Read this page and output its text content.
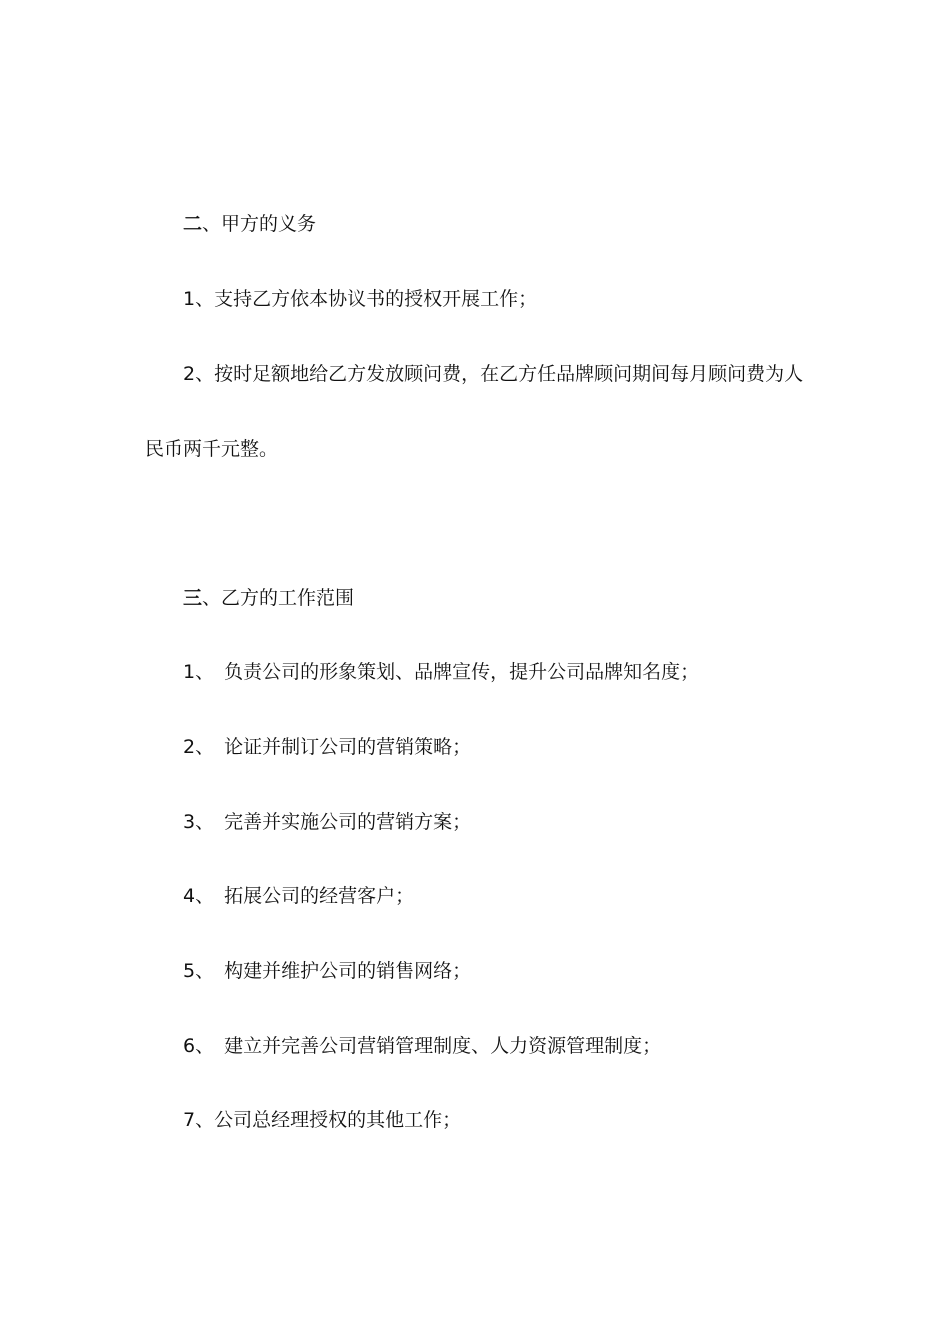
二、甲方的义务
1、支持乙方依本协议书的授权开展工作；
2、按时足额地给乙方发放顾问费，在乙方任品牌顾问期间每月顾问费为人
民币两千元整。
三、乙方的工作范围
1、 负责公司的形象策划、品牌宣传，提升公司品牌知名度；
2、 论证并制订公司的营销策略；
3、 完善并实施公司的营销方案；
4、 拓展公司的经营客户；
5、 构建并维护公司的销售网络；
6、 建立并完善公司营销管理制度、人力资源管理制度；
7、公司总经理授权的其他工作；
